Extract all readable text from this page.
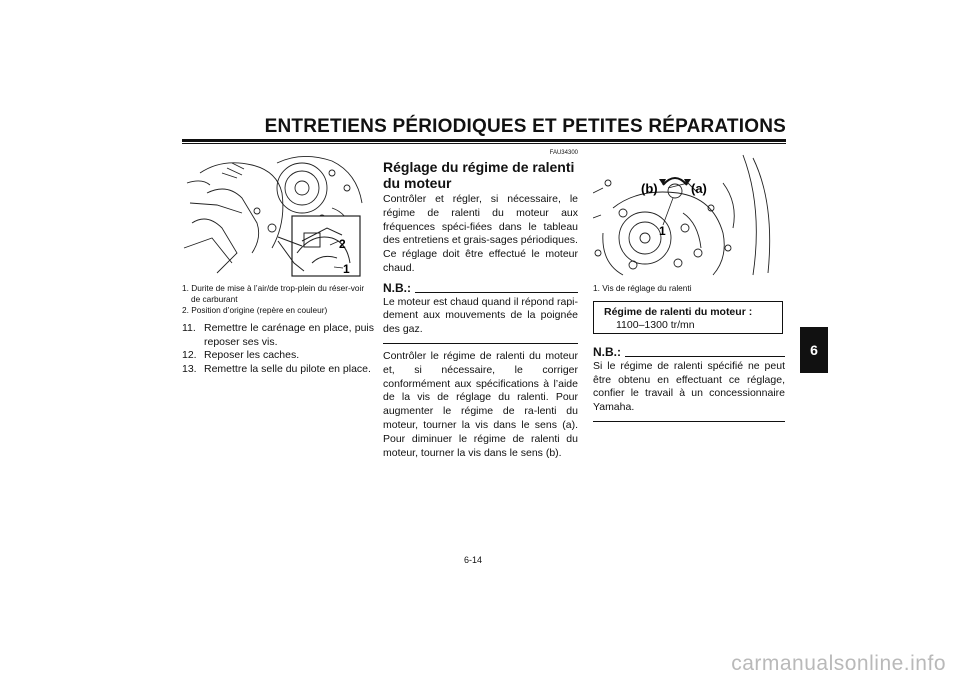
ENTRETIENS PÉRIODIQUES ET PETITES RÉPARATIONS
6
2
1

1. Durite de mise à l’air/de trop-plein du réser-voir de carburant

2. Position d’origine (repère en couleur)

11. Remettre le carénage en place, puis reposer ses vis.
12. Reposer les caches.
13. Remettre la selle du pilote en place.
FAU34300
Réglage du régime de ralenti du moteur

Contrôler et régler, si nécessaire, le régime de ralenti du moteur aux fréquences spéci-fiées dans le tableau des entretiens et grais-sages périodiques.

Ce réglage doit être effectué le moteur chaud.

N.B.:

Le moteur est chaud quand il répond rapi-dement aux mouvements de la poignée des gaz.

Contrôler le régime de ralenti du moteur et, si nécessaire, le corriger conformément aux spécifications à l’aide de la vis de réglage du ralenti. Pour augmenter le régime de ra-lenti du moteur, tourner la vis dans le sens (a). Pour diminuer le régime de ralenti du moteur, tourner la vis dans le sens (b).

(b)	(a)
1
1. Vis de réglage du ralenti
Régime de ralenti du moteur :
1100–1300 tr/mn
N.B.:

Si le régime de ralenti spécifié ne peut être obtenu en effectuant ce réglage, confier le travail à un concessionnaire Yamaha.

6-14
carmanualsonline.info
